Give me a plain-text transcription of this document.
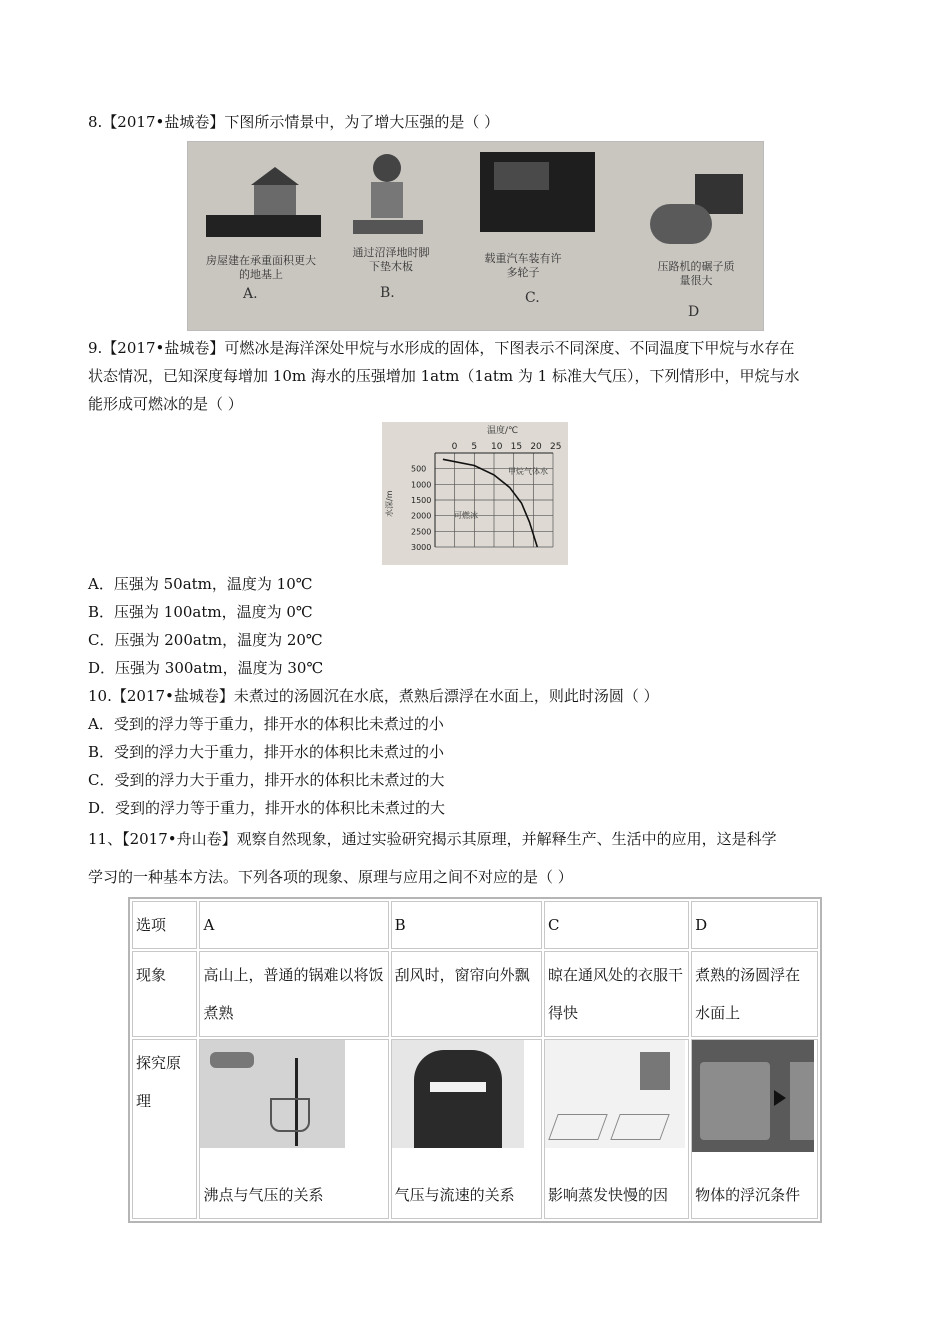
8.【2017•盐城卷】下图所示情景中，为了增大压强的是（ ）
房屋建在承重面积更大的地基上
A.
通过沼泽地时脚下垫木板
B.
载重汽车装有许多轮子
C.
压路机的碾子质量很大
D
9.【2017•盐城卷】可燃冰是海洋深处甲烷与水形成的固体，下图表示不同深度、不同温度下甲烷与水存在
状态情况，已知深度每增加 10m 海水的压强增加 1atm（1atm 为 1 标准大气压），下列情形中，甲烷与水
能形成可燃冰的是（ ）
温度/℃
水深/m
甲烷气体水
可燃冰
0 5 10 15 20 25
500
1000
1500
2000
2500
3000
A．压强为 50atm，温度为 10℃
B．压强为 100atm，温度为 0℃
C．压强为 200atm，温度为 20℃
D．压强为 300atm，温度为 30℃
10.【2017•盐城卷】未煮过的汤圆沉在水底，煮熟后漂浮在水面上，则此时汤圆（ ）
A．受到的浮力等于重力，排开水的体积比未煮过的小
B．受到的浮力大于重力，排开水的体积比未煮过的小
C．受到的浮力大于重力，排开水的体积比未煮过的大
D．受到的浮力等于重力，排开水的体积比未煮过的大
11、【2017•舟山卷】观察自然现象，通过实验研究揭示其原理，并解释生产、生活中的应用，这是科学
学习的一种基本方法。下列各项的现象、原理与应用之间不对应的是（ ）
选项	A	B	C	D
现象	高山上，普通的锅难以将饭煮熟	刮风时，窗帘向外飘	晾在通风处的衣服干得快	煮熟的汤圆浮在水面上
探究原理	沸点与气压的关系	气压与流速的关系	影响蒸发快慢的因	物体的浮沉条件
